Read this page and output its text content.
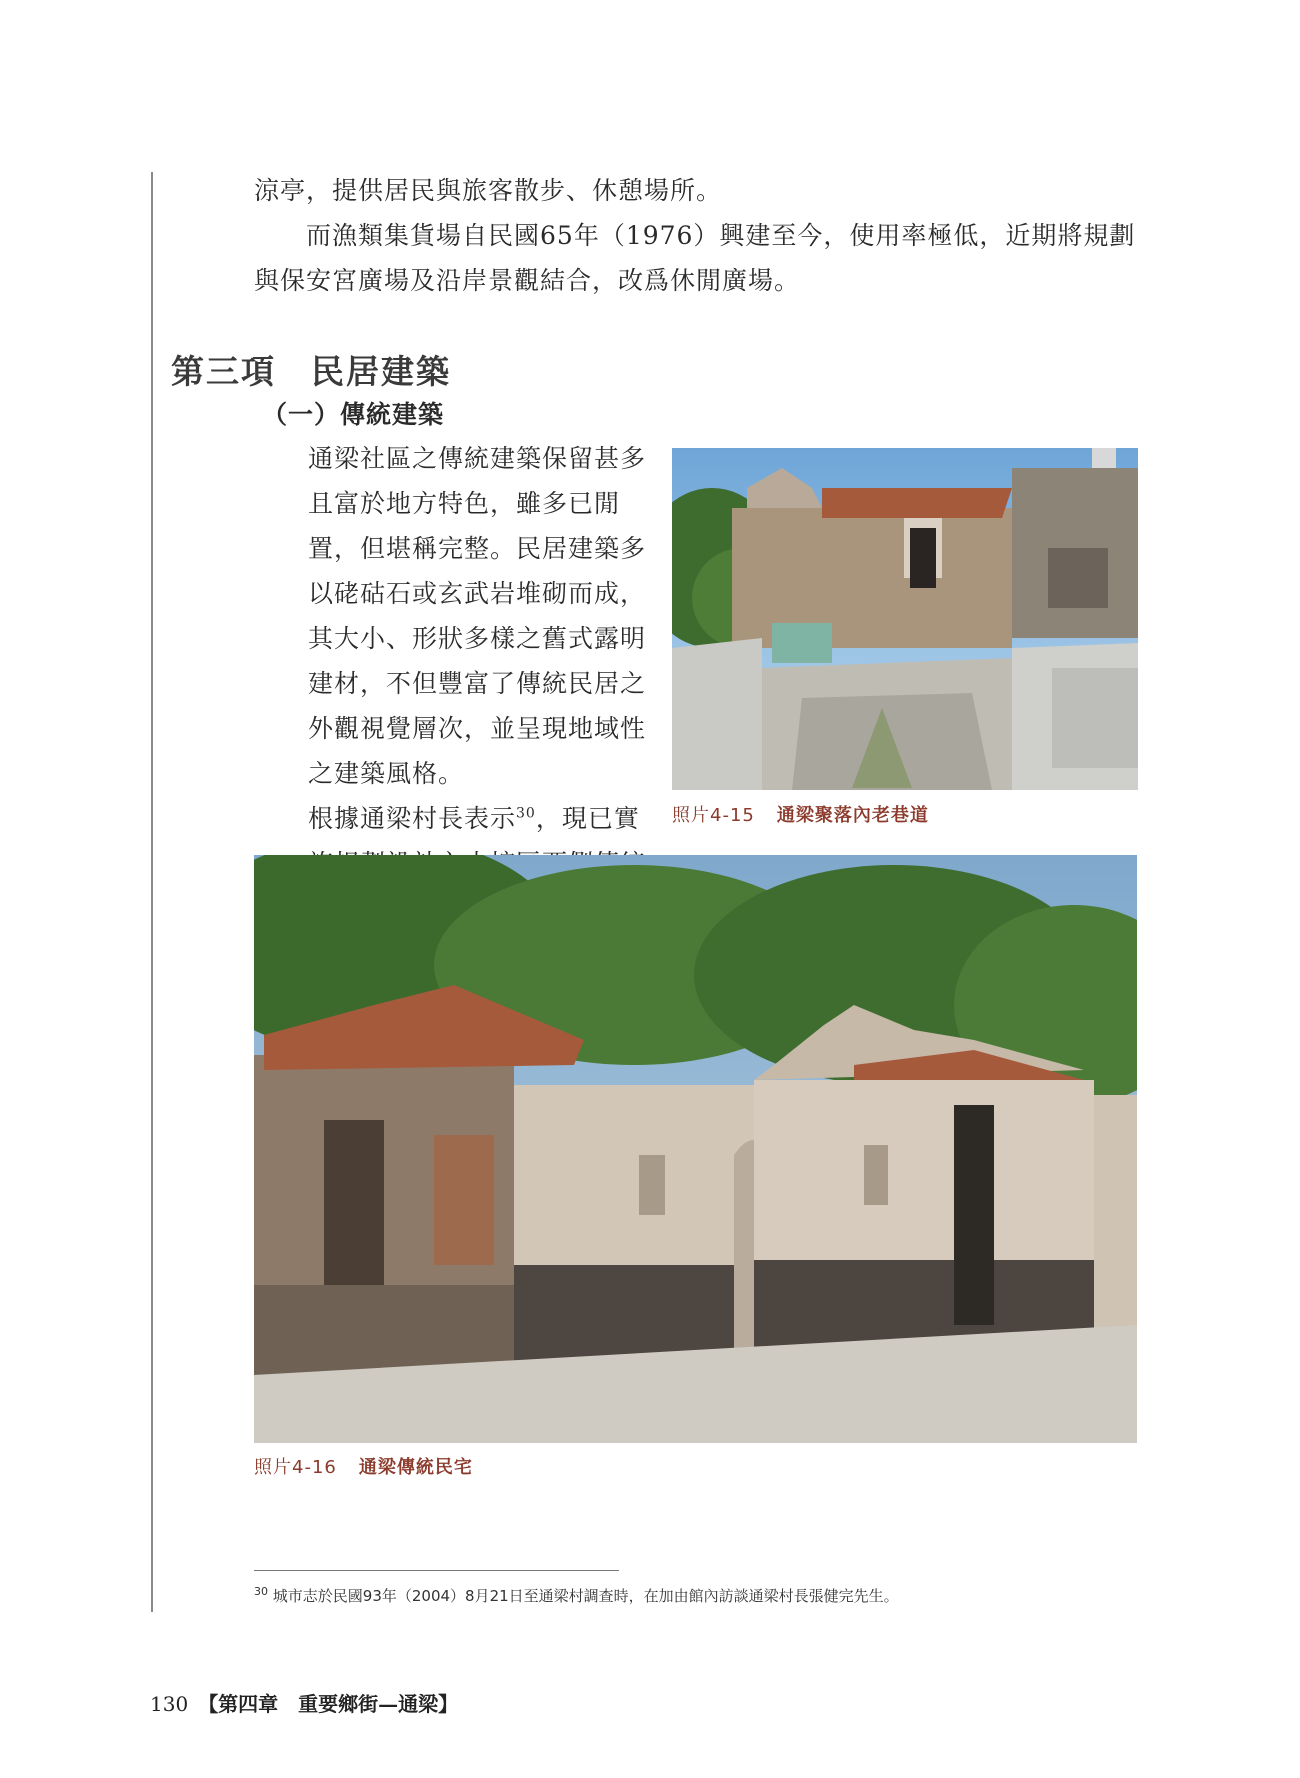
涼亭，提供居民與旅客散步、休憩場所。

　　而漁類集貨場自民國65年（1976）興建至今，使用率極低，近期將規劃

與保安宮廣場及沿岸景觀結合，改爲休閒廣場。

第三項　民居建築
（一）傳統建築

通梁社區之傳統建築保留甚多且富於地方特色，雖多已閒置，但堪稱完整。民居建築多以硓𥑮石或玄武岩堆砌而成，其大小、形狀多樣之舊式露明建材，不但豐富了傳統民居之外觀視覺層次，並呈現地域性之建築風格。

根據通梁村長表示$^{30}$，現已實	照片4-15 通梁聚落內老巷道
照片4-16 通梁傳統民宅
$^{30}$ 城市志於民國93年（2004）8月21日至通梁村調查時，在加由館內訪談通梁村長張健完先生。
130 【第四章　重要鄉街—通梁】
